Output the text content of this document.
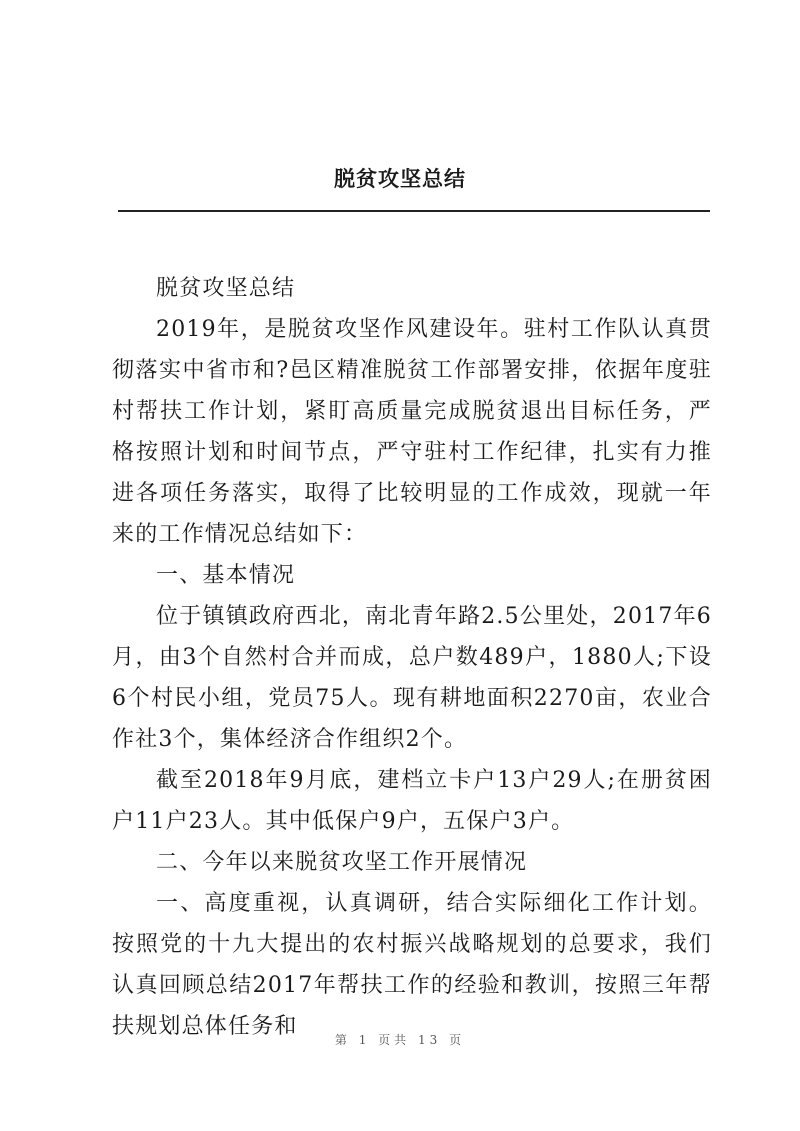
脱贫攻坚总结

脱贫攻坚总结

2019年，是脱贫攻坚作风建设年。驻村工作队认真贯彻落实中省市和?邑区精准脱贫工作部署安排，依据年度驻村帮扶工作计划，紧盯高质量完成脱贫退出目标任务，严格按照计划和时间节点，严守驻村工作纪律，扎实有力推进各项任务落实，取得了比较明显的工作成效，现就一年来的工作情况总结如下：

一、基本情况

位于镇镇政府西北，南北青年路2.5公里处，2017年6月，由3个自然村合并而成，总户数489户，1880人;下设6个村民小组，党员75人。现有耕地面积2270亩，农业合作社3个，集体经济合作组织2个。

截至2018年9月底，建档立卡户13户29人;在册贫困户11户23人。其中低保户9户，五保户3户。

二、今年以来脱贫攻坚工作开展情况

一、高度重视，认真调研，结合实际细化工作计划。按照党的十九大提出的农村振兴战略规划的总要求，我们认真回顾总结2017年帮扶工作的经验和教训，按照三年帮扶规划总体任务和

第 1 页共 13 页
